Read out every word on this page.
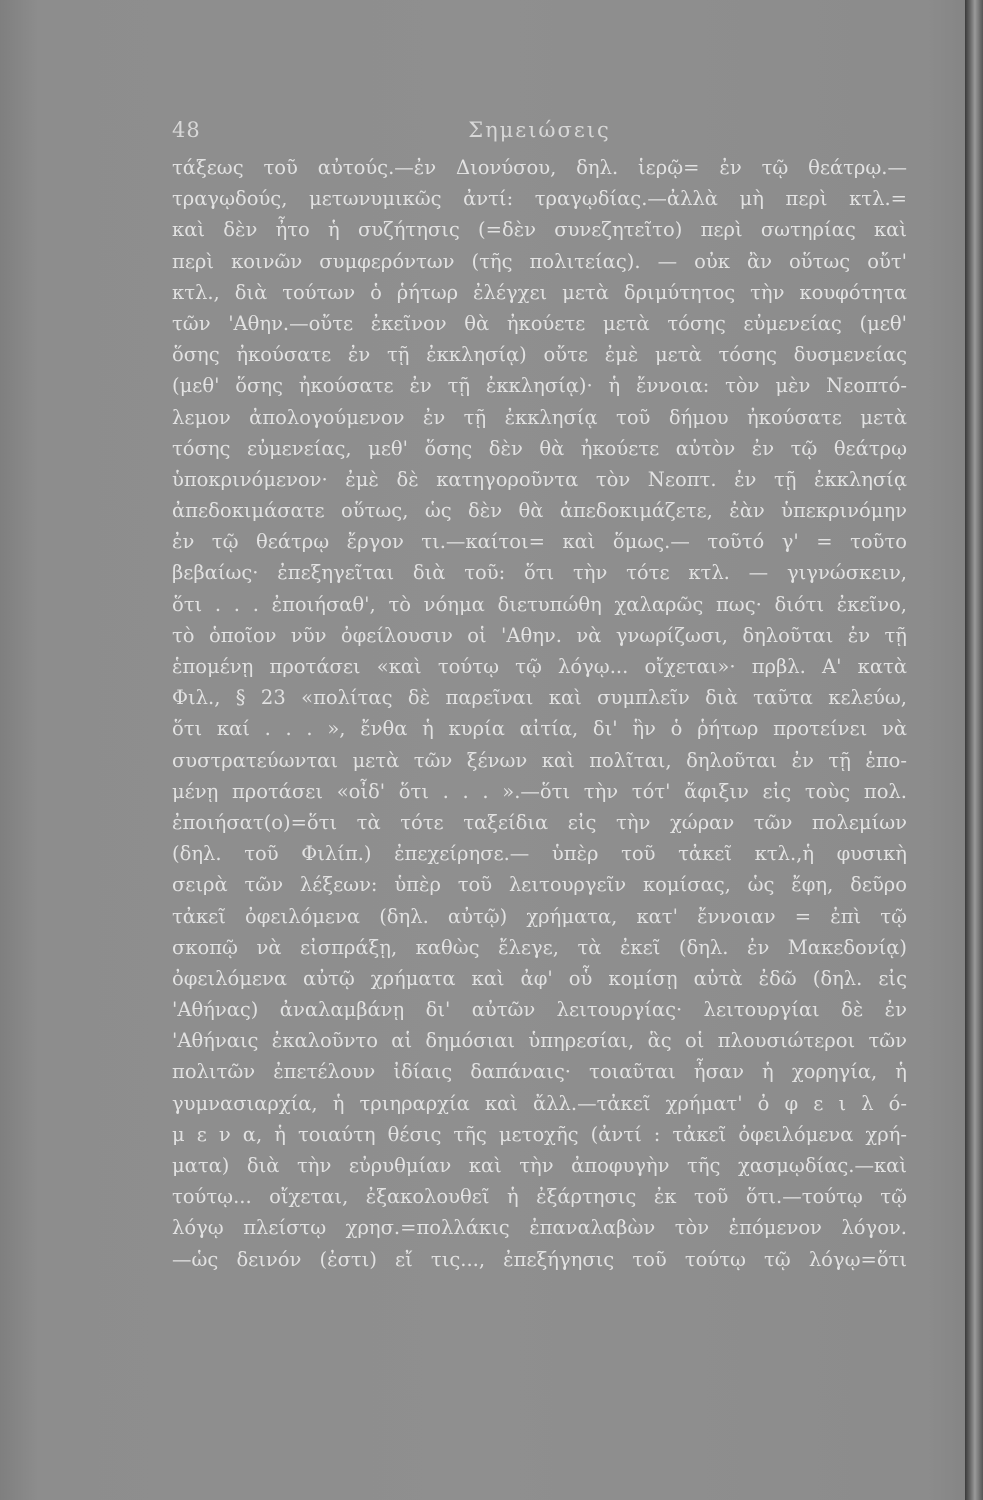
48	Σημειώσεις
τάξεως τοῦ αὐτούς.—ἐν Διονύσου, δηλ. ἱερῷ= ἐν τῷ θεάτρῳ.—
τραγῳδούς, μετωνυμικῶς ἀντί: τραγῳδίας.—ἀλλὰ μὴ περὶ κτλ.=
καὶ δὲν ἦτο ἡ συζήτησις (=δὲν συνεζητεῖτο) περὶ σωτηρίας καὶ
περὶ κοινῶν συμφερόντων (τῆς πολιτείας). — οὐκ ἂν οὕτως οὔτ'
κτλ., διὰ τούτων ὁ ῥήτωρ ἐλέγχει μετὰ δριμύτητος τὴν κουφότητα
τῶν 'Αθην.—οὔτε ἐκεῖνον θὰ ἠκούετε μετὰ τόσης εὐμενείας (μεθ'
ὅσης ἠκούσατε ἐν τῇ ἐκκλησίᾳ) οὔτε ἐμὲ μετὰ τόσης δυσμενείας
(μεθ' ὅσης ἠκούσατε ἐν τῇ ἐκκλησίᾳ)· ἡ ἔννοια: τὸν μὲν Νεοπτό-
λεμον ἀπολογούμενον ἐν τῇ ἐκκλησίᾳ τοῦ δήμου ἠκούσατε μετὰ
τόσης εὐμενείας, μεθ' ὅσης δὲν θὰ ἠκούετε αὐτὸν ἐν τῷ θεάτρῳ
ὑποκρινόμενον· ἐμὲ δὲ κατηγοροῦντα τὸν Νεοπτ. ἐν τῇ ἐκκλησίᾳ
ἀπεδοκιμάσατε οὕτως, ὡς δὲν θὰ ἀπεδοκιμάζετε, ἐὰν ὑπεκρινόμην
ἐν τῷ θεάτρῳ ἔργον τι.—καίτοι= καὶ ὅμως.— τοῦτό γ' = τοῦτο
βεβαίως· ἐπεξηγεῖται διὰ τοῦ: ὅτι τὴν τότε κτλ. — γιγνώσκειν,
ὅτι . . . ἐποιήσαθ', τὸ νόημα διετυπώθη χαλαρῶς πως· διότι ἐκεῖνο,
τὸ ὁποῖον νῦν ὀφείλουσιν οἱ 'Αθην. νὰ γνωρίζωσι, δηλοῦται ἐν τῇ
ἑπομένῃ προτάσει «καὶ τούτῳ τῷ λόγῳ... οἴχεται»· πρβλ. Α' κατὰ
Φιλ., § 23 «πολίτας δὲ παρεῖναι καὶ συμπλεῖν διὰ ταῦτα κελεύω,
ὅτι καί . . . », ἔνθα ἡ κυρία αἰτία, δι' ἣν ὁ ῥήτωρ προτείνει νὰ
συστρατεύωνται μετὰ τῶν ξένων καὶ πολῖται, δηλοῦται ἐν τῇ ἑπο-
μένῃ προτάσει «οἶδ' ὅτι . . . ».—ὅτι τὴν τότ' ἄφιξιν εἰς τοὺς πολ.
ἐποιήσατ(ο)=ὅτι τὰ τότε ταξείδια εἰς τὴν χώραν τῶν πολεμίων
(δηλ. τοῦ Φιλίπ.) ἐπεχείρησε.— ὑπὲρ τοῦ τἀκεῖ κτλ.,ἡ φυσικὴ
σειρὰ τῶν λέξεων: ὑπὲρ τοῦ λειτουργεῖν κομίσας, ὡς ἔφη, δεῦρο
τἀκεῖ ὀφειλόμενα (δηλ. αὐτῷ) χρήματα, κατ' ἔννοιαν = ἐπὶ τῷ
σκοπῷ νὰ εἰσπράξῃ, καθὼς ἔλεγε, τὰ ἐκεῖ (δηλ. ἐν Μακεδονίᾳ)
ὀφειλόμενα αὐτῷ χρήματα καὶ ἀφ' οὗ κομίσῃ αὐτὰ ἐδῶ (δηλ. εἰς
'Αθήνας) ἀναλαμβάνῃ δι' αὐτῶν λειτουργίας· λειτουργίαι δὲ ἐν
'Αθήναις ἐκαλοῦντο αἱ δημόσιαι ὑπηρεσίαι, ἃς οἱ πλουσιώτεροι τῶν
πολιτῶν ἐπετέλουν ἰδίαις δαπάναις· τοιαῦται ἦσαν ἡ χορηγία, ἡ
γυμνασιαρχία, ἡ τριηραρχία καὶ ἄλλ.—τἀκεῖ χρήματ' ὀ φ ε ι λ ό-
μ ε ν α, ἡ τοιαύτη θέσις τῆς μετοχῆς (ἀντί : τἀκεῖ ὀφειλόμενα χρή-
ματα) διὰ τὴν εὐρυθμίαν καὶ τὴν ἀποφυγὴν τῆς χασμῳδίας.—καὶ
τούτῳ... οἴχεται, ἐξακολουθεῖ ἡ ἐξάρτησις ἐκ τοῦ ὅτι.—τούτῳ τῷ
λόγῳ πλείστῳ χρησ.=πολλάκις ἐπαναλαβὼν τὸν ἑπόμενον λόγον.
—ὡς δεινόν (ἐστι) εἴ τις..., ἐπεξήγησις τοῦ τούτῳ τῷ λόγῳ=ὅτι
